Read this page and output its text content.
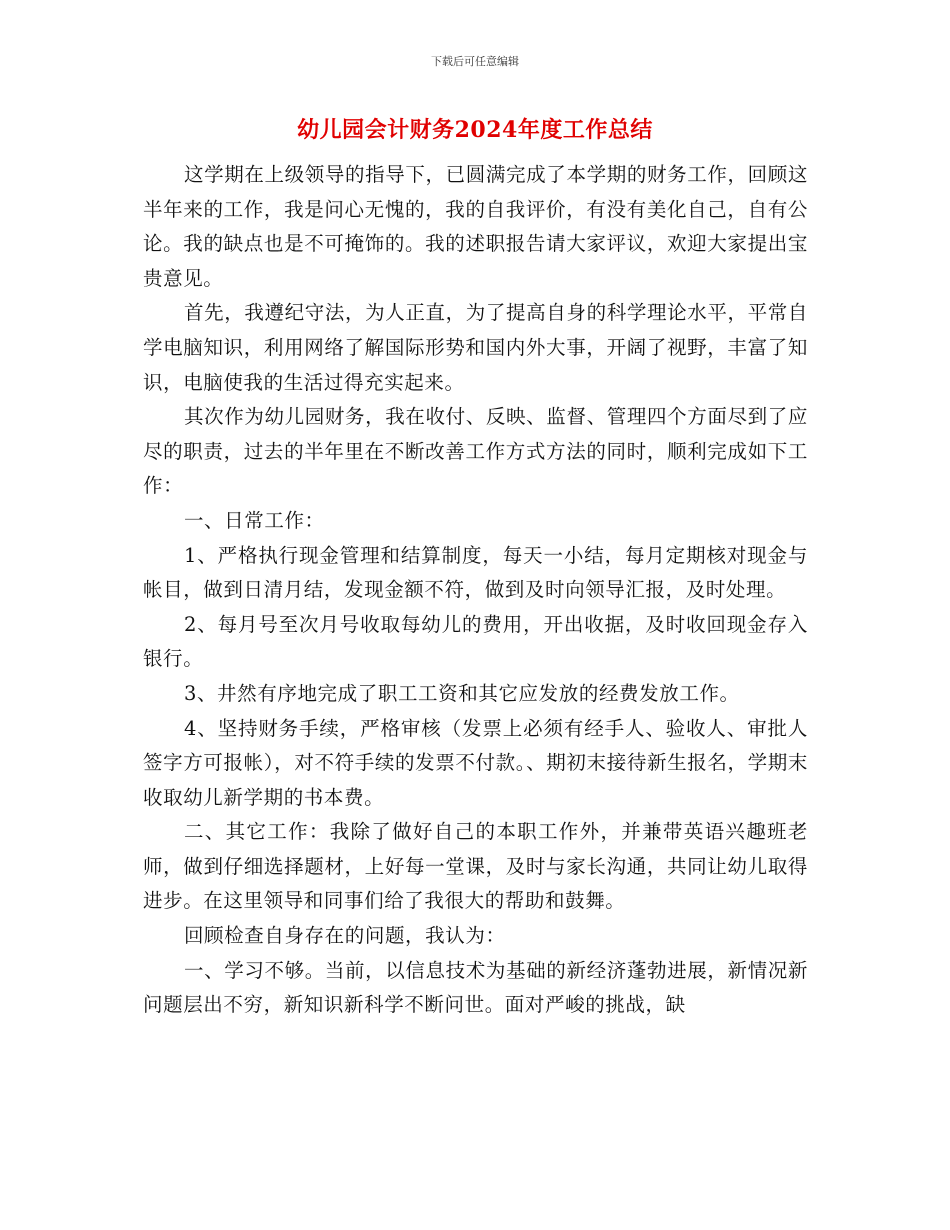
下载后可任意编辑
幼儿园会计财务2024年度工作总结

这学期在上级领导的指导下，已圆满完成了本学期的财务工作，回顾这半年来的工作，我是问心无愧的，我的自我评价，有没有美化自己，自有公论。我的缺点也是不可掩饰的。我的述职报告请大家评议，欢迎大家提出宝贵意见。

首先，我遵纪守法，为人正直，为了提高自身的科学理论水平，平常自学电脑知识，利用网络了解国际形势和国内外大事，开阔了视野，丰富了知识，电脑使我的生活过得充实起来。

其次作为幼儿园财务，我在收付、反映、监督、管理四个方面尽到了应尽的职责，过去的半年里在不断改善工作方式方法的同时，顺利完成如下工作：

一、日常工作：

1、严格执行现金管理和结算制度，每天一小结，每月定期核对现金与帐目，做到日清月结，发现金额不符，做到及时向领导汇报，及时处理。

2、每月号至次月号收取每幼儿的费用，开出收据，及时收回现金存入银行。

3、井然有序地完成了职工工资和其它应发放的经费发放工作。

4、坚持财务手续，严格审核（发票上必须有经手人、验收人、审批人签字方可报帐），对不符手续的发票不付款。、期初末接待新生报名，学期末收取幼儿新学期的书本费。

二、其它工作：我除了做好自己的本职工作外，并兼带英语兴趣班老师，做到仔细选择题材，上好每一堂课，及时与家长沟通，共同让幼儿取得进步。在这里领导和同事们给了我很大的帮助和鼓舞。

回顾检查自身存在的问题，我认为：

一、学习不够。当前，以信息技术为基础的新经济蓬勃进展，新情况新问题层出不穷，新知识新科学不断问世。面对严峻的挑战，缺
